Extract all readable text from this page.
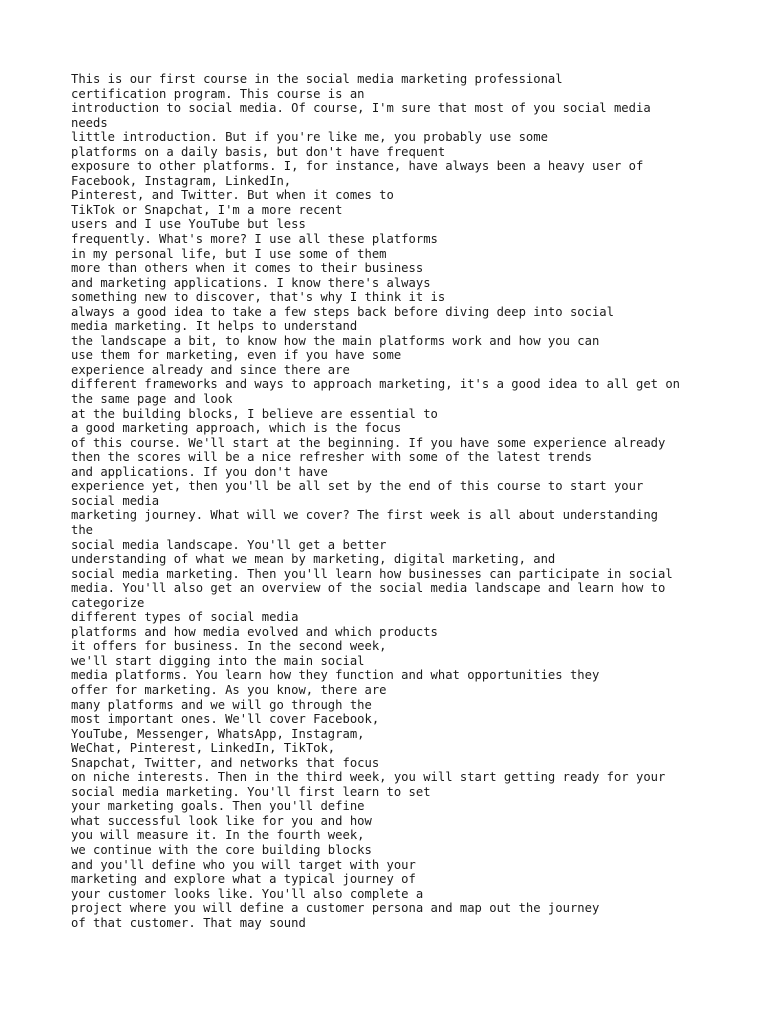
This is our first course in the social media marketing professional
certification program. This course is an
introduction to social media. Of course, I'm sure that most of you social media
needs
little introduction. But if you're like me, you probably use some
platforms on a daily basis, but don't have frequent
exposure to other platforms. I, for instance, have always been a heavy user of
Facebook, Instagram, LinkedIn,
Pinterest, and Twitter. But when it comes to
TikTok or Snapchat, I'm a more recent
users and I use YouTube but less
frequently. What's more? I use all these platforms
in my personal life, but I use some of them
more than others when it comes to their business
and marketing applications. I know there's always
something new to discover, that's why I think it is
always a good idea to take a few steps back before diving deep into social
media marketing. It helps to understand
the landscape a bit, to know how the main platforms work and how you can
use them for marketing, even if you have some
experience already and since there are
different frameworks and ways to approach marketing, it's a good idea to all get on
the same page and look
at the building blocks, I believe are essential to
a good marketing approach, which is the focus
of this course. We'll start at the beginning. If you have some experience already
then the scores will be a nice refresher with some of the latest trends
and applications. If you don't have
experience yet, then you'll be all set by the end of this course to start your
social media
marketing journey. What will we cover? The first week is all about understanding
the
social media landscape. You'll get a better
understanding of what we mean by marketing, digital marketing, and
social media marketing. Then you'll learn how businesses can participate in social
media. You'll also get an overview of the social media landscape and learn how to
categorize
different types of social media
platforms and how media evolved and which products
it offers for business. In the second week,
we'll start digging into the main social
media platforms. You learn how they function and what opportunities they
offer for marketing. As you know, there are
many platforms and we will go through the
most important ones. We'll cover Facebook,
YouTube, Messenger, WhatsApp, Instagram,
WeChat, Pinterest, LinkedIn, TikTok,
Snapchat, Twitter, and networks that focus
on niche interests. Then in the third week, you will start getting ready for your
social media marketing. You'll first learn to set
your marketing goals. Then you'll define
what successful look like for you and how
you will measure it. In the fourth week,
we continue with the core building blocks
and you'll define who you will target with your
marketing and explore what a typical journey of
your customer looks like. You'll also complete a
project where you will define a customer persona and map out the journey
of that customer. That may sound
